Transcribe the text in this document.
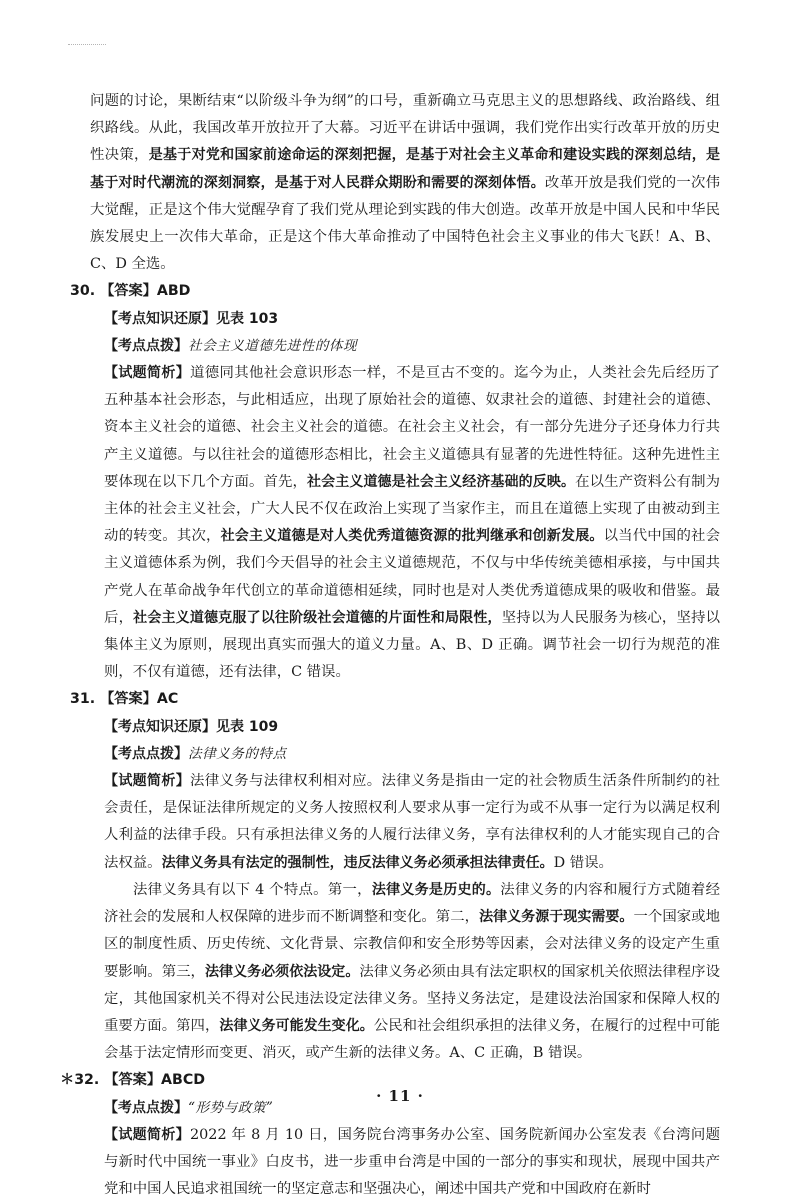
问题的讨论，果断结束“以阶级斗争为纲”的口号，重新确立马克思主义的思想路线、政治路线、组织路线。从此，我国改革开放拉开了大幕。习近平在讲话中强调，我们党作出实行改革开放的历史性决策，是基于对党和国家前途命运的深刻把握，是基于对社会主义革命和建设实践的深刻总结，是基于对时代潮流的深刻洞察，是基于对人民群众期盼和需要的深刻体悟。改革开放是我们党的一次伟大觉醒，正是这个伟大觉醒孕育了我们党从理论到实践的伟大创造。改革开放是中国人民和中华民族发展史上一次伟大革命，正是这个伟大革命推动了中国特色社会主义事业的伟大飞跃！A、B、C、D 全选。

30. 【答案】ABD

【考点知识还原】见表 103

【考点点拨】社会主义道德先进性的体现

【试题简析】道德同其他社会意识形态一样，不是亘古不变的。迄今为止，人类社会先后经历了五种基本社会形态，与此相适应，出现了原始社会的道德、奴隶社会的道德、封建社会的道德、资本主义社会的道德、社会主义社会的道德。在社会主义社会，有一部分先进分子还身体力行共产主义道德。与以往社会的道德形态相比，社会主义道德具有显著的先进性特征。这种先进性主要体现在以下几个方面。首先，社会主义道德是社会主义经济基础的反映。在以生产资料公有制为主体的社会主义社会，广大人民不仅在政治上实现了当家作主，而且在道德上实现了由被动到主动的转变。其次，社会主义道德是对人类优秀道德资源的批判继承和创新发展。以当代中国的社会主义道德体系为例，我们今天倡导的社会主义道德规范，不仅与中华传统美德相承接，与中国共产党人在革命战争年代创立的革命道德相延续，同时也是对人类优秀道德成果的吸收和借鉴。最后，社会主义道德克服了以往阶级社会道德的片面性和局限性，坚持以为人民服务为核心，坚持以集体主义为原则，展现出真实而强大的道义力量。A、B、D 正确。调节社会一切行为规范的准则，不仅有道德，还有法律，C 错误。

31. 【答案】AC

【考点知识还原】见表 109

【考点点拨】法律义务的特点

【试题简析】法律义务与法律权利相对应。法律义务是指由一定的社会物质生活条件所制约的社会责任，是保证法律所规定的义务人按照权利人要求从事一定行为或不从事一定行为以满足权利人利益的法律手段。只有承担法律义务的人履行法律义务，享有法律权利的人才能实现自己的合法权益。法律义务具有法定的强制性，违反法律义务必须承担法律责任。D 错误。

法律义务具有以下 4 个特点。第一，法律义务是历史的。法律义务的内容和履行方式随着经济社会的发展和人权保障的进步而不断调整和变化。第二，法律义务源于现实需要。一个国家或地区的制度性质、历史传统、文化背景、宗教信仰和安全形势等因素，会对法律义务的设定产生重要影响。第三，法律义务必须依法设定。法律义务必须由具有法定职权的国家机关依照法律程序设定，其他国家机关不得对公民违法设定法律义务。坚持义务法定，是建设法治国家和保障人权的重要方面。第四，法律义务可能发生变化。公民和社会组织承担的法律义务，在履行的过程中可能会基于法定情形而变更、消灭，或产生新的法律义务。A、C 正确，B 错误。

＊32. 【答案】ABCD

【考点点拨】“形势与政策”

【试题简析】2022 年 8 月 10 日，国务院台湾事务办公室、国务院新闻办公室发表《台湾问题与新时代中国统一事业》白皮书，进一步重申台湾是中国的一部分的事实和现状，展现中国共产党和中国人民追求祖国统一的坚定意志和坚强决心，阐述中国共产党和中国政府在新时

· 11 ·
